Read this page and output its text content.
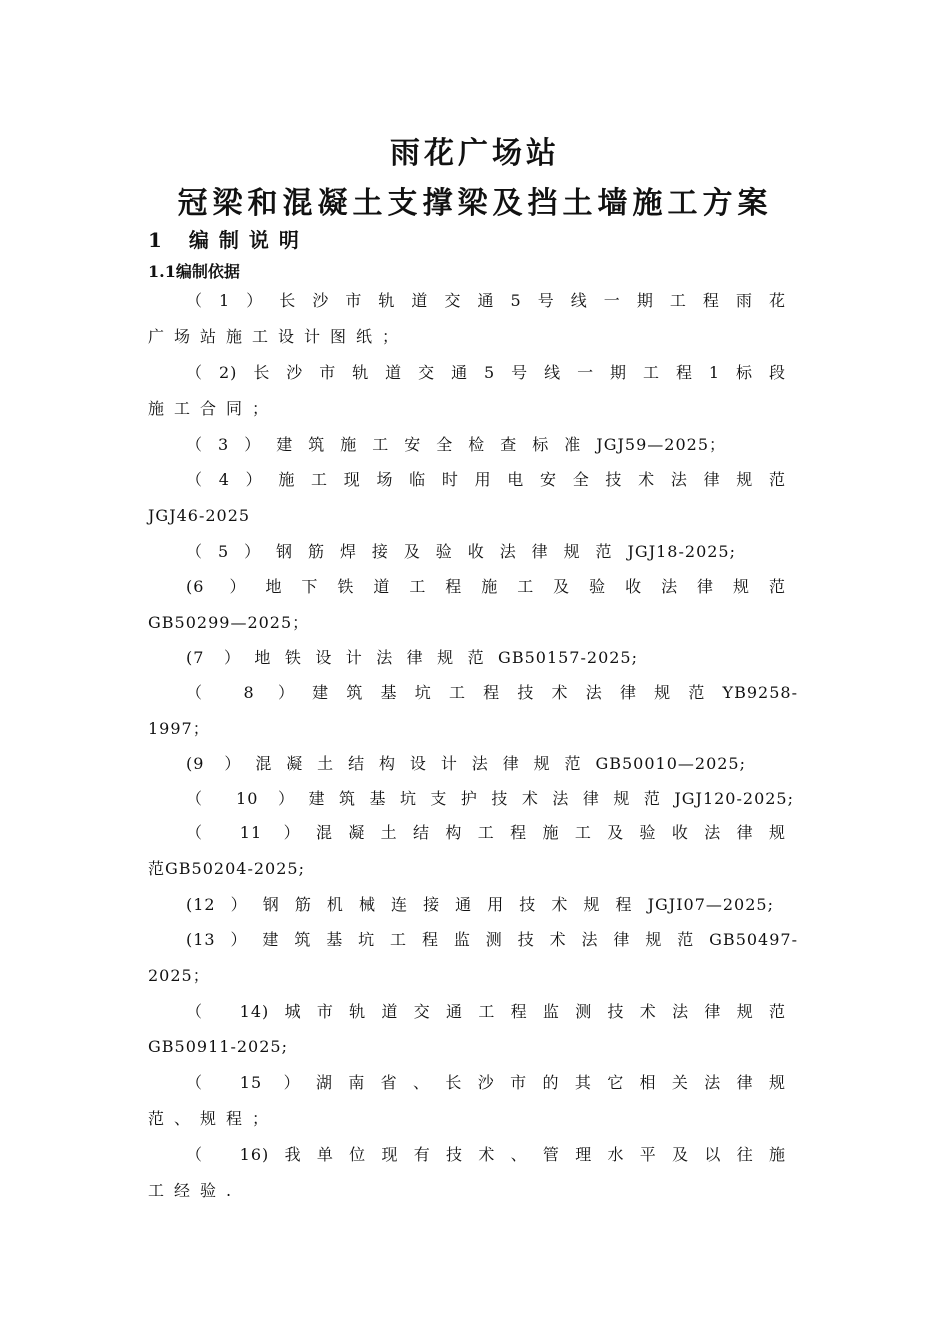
雨花广场站
冠梁和混凝土支撑梁及挡土墙施工方案
1 编制说明
1.1编制依据
（1）长沙市轨道交通5号线一期工程雨花
广场站施工设计图纸；
（2)长沙市轨道交通5号线一期工程1标段
施工合同；
（3）建筑施工安全检查标准JGJ59—2025；
（4）施工现场临时用电安全技术法律规范
JGJ46-2025
（5）钢筋焊接及验收法律规范JGJ18-2025;
(6 ）地下铁道工程施工及验收法律规范
GB50299—2025；
(7 ）地铁设计法律规范GB50157-2025;
（ 8 ）建筑基坑工程技术法律规范YB9258-
1997；
(9 ）混凝土结构设计法律规范GB50010—2025;
（ 10 ）建筑基坑支护技术法律规范JGJ120-2025;
（ 11 ）混凝土结构工程施工及验收法律规
范GB50204-2025;
(12）钢筋机械连接通用技术规程JGJI07—2025;
(13）建筑基坑工程监测技术法律规范GB50497-
2025；
（ 14)城市轨道交通工程监测技术法律规范
GB50911-2025;
（ 15 ）湖南省、长沙市的其它相关法律规
范、规程；
（ 16)我单位现有技术、管理水平及以往施
工经验.
